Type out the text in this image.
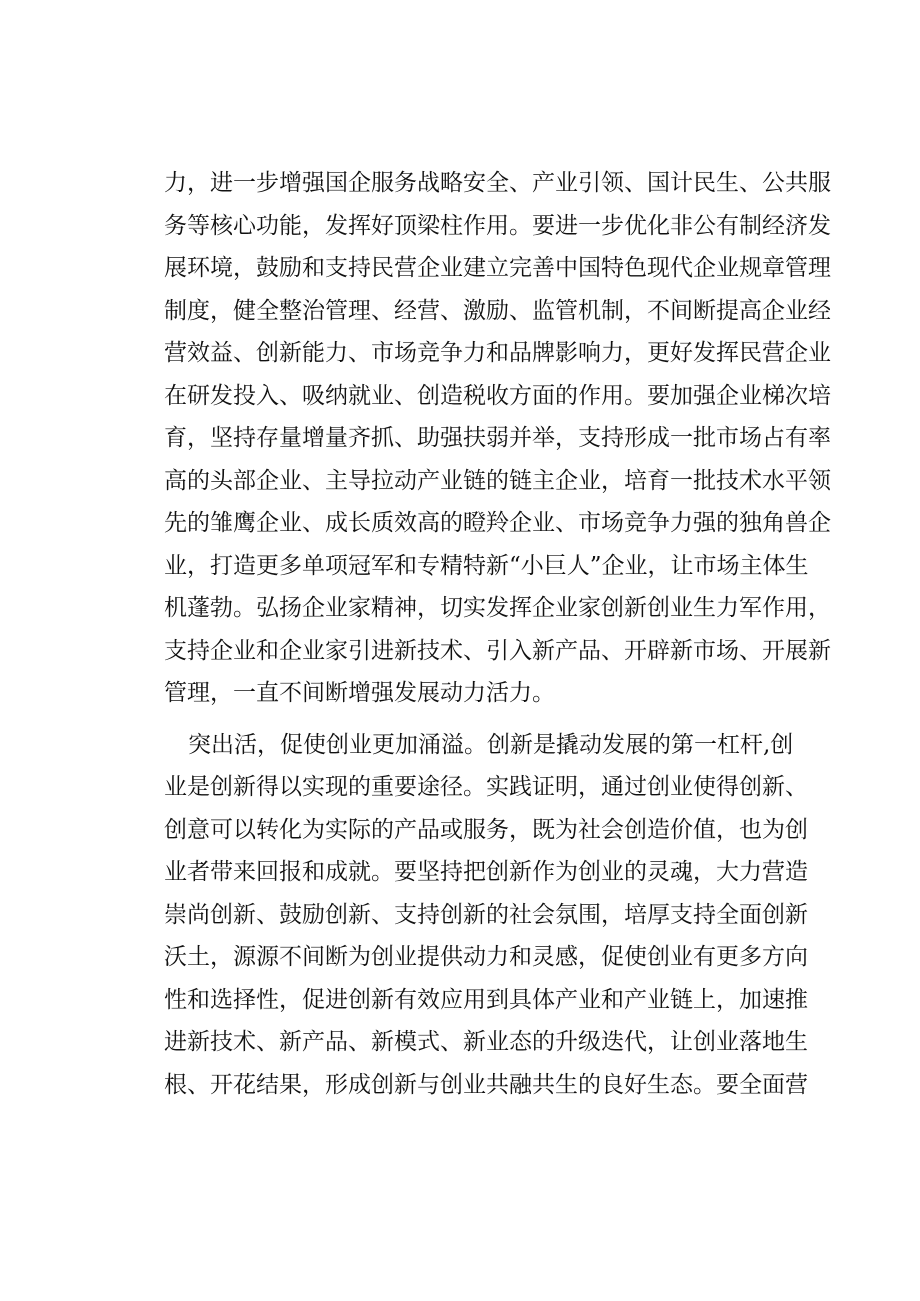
力，进一步增强国企服务战略安全、产业引领、国计民生、公共服
务等核心功能，发挥好顶梁柱作用。要进一步优化非公有制经济发
展环境，鼓励和支持民营企业建立完善中国特色现代企业规章管理
制度，健全整治管理、经营、激励、监管机制，不间断提高企业经
营效益、创新能力、市场竞争力和品牌影响力，更好发挥民营企业
在研发投入、吸纳就业、创造税收方面的作用。要加强企业梯次培
育，坚持存量增量齐抓、助强扶弱并举，支持形成一批市场占有率
高的头部企业、主导拉动产业链的链主企业，培育一批技术水平领
先的雏鹰企业、成长质效高的瞪羚企业、市场竞争力强的独角兽企
业，打造更多单项冠军和专精特新“小巨人”企业，让市场主体生
机蓬勃。弘扬企业家精神，切实发挥企业家创新创业生力军作用，
支持企业和企业家引进新技术、引入新产品、开辟新市场、开展新
管理，一直不间断增强发展动力活力。
突出活，促使创业更加涌溢。创新是撬动发展的第一杠杆,创
业是创新得以实现的重要途径。实践证明，通过创业使得创新、
创意可以转化为实际的产品或服务，既为社会创造价值，也为创
业者带来回报和成就。要坚持把创新作为创业的灵魂，大力营造
崇尚创新、鼓励创新、支持创新的社会氛围，培厚支持全面创新
沃土，源源不间断为创业提供动力和灵感，促使创业有更多方向
性和选择性，促进创新有效应用到具体产业和产业链上，加速推
进新技术、新产品、新模式、新业态的升级迭代，让创业落地生
根、开花结果，形成创新与创业共融共生的良好生态。要全面营
